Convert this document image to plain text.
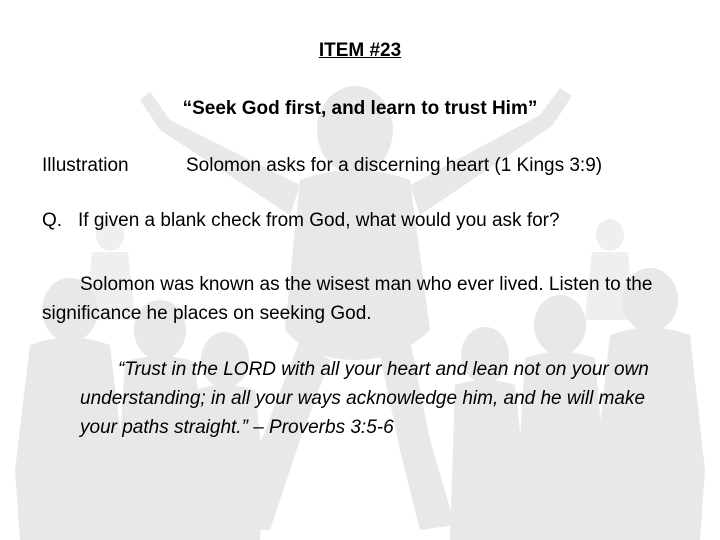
ITEM #23
“Seek God first, and learn to trust Him”
Illustration	Solomon asks for a discerning heart (1 Kings 3:9)
Q. If given a blank check from God, what would you ask for?
Solomon was known as the wisest man who ever lived. Listen to the significance he places on seeking God.
“Trust in the LORD with all your heart and lean not on your own understanding; in all your ways acknowledge him, and he will make your paths straight.” – Proverbs 3:5-6
